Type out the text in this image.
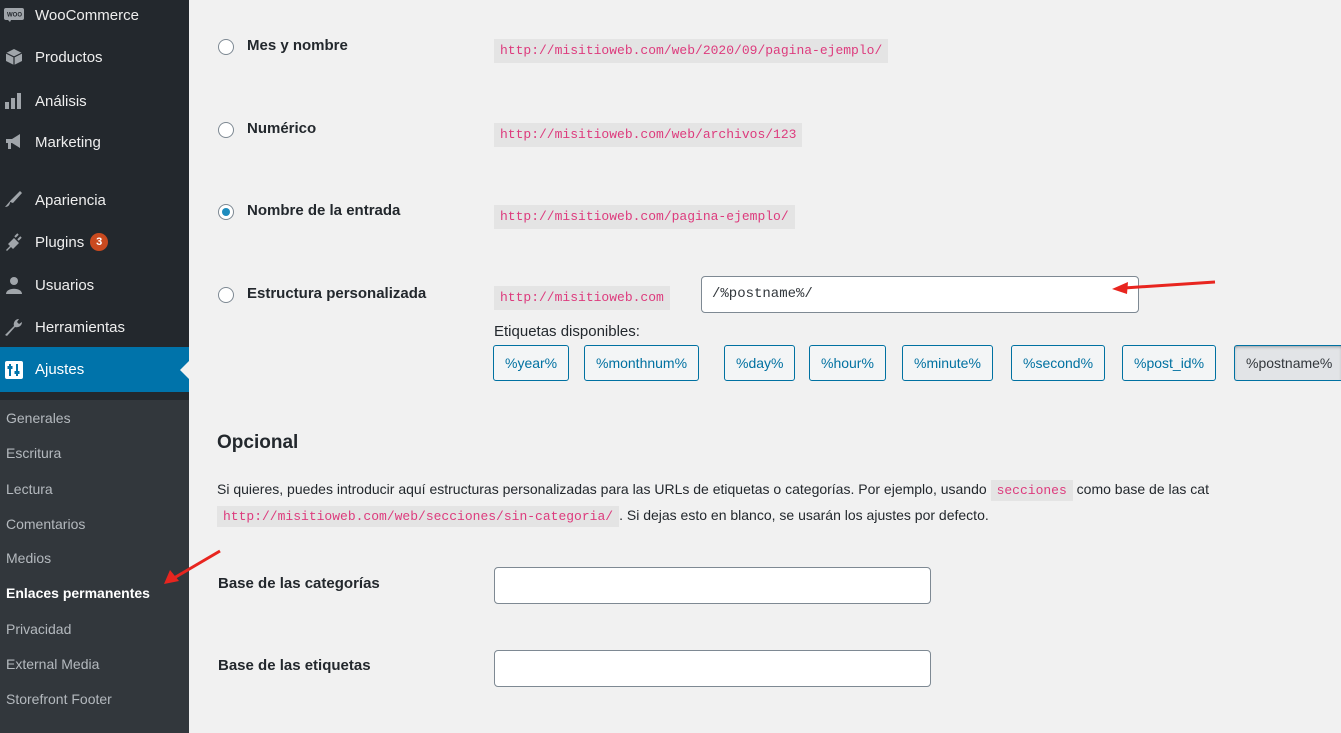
WOO WooCommerce
Productos
Análisis
Marketing
Apariencia
Plugins	3
Usuarios
Herramientas
Ajustes
Generales
Escritura
Lectura
Comentarios
Medios
Enlaces permanentes
Privacidad
External Media
Storefront Footer
Mes y nombre	http://misitioweb.com/web/2020/09/pagina-ejemplo/
Numérico	http://misitioweb.com/web/archivos/123
Nombre de la entrada	http://misitioweb.com/pagina-ejemplo/
Estructura personalizada	http://misitioweb.com	/%postname%/
Etiquetas disponibles:
%year%	%monthnum%	%day%	%hour%	%minute%	%second%	%post_id%	%postname%
Opcional
Si quieres, puedes introducir aquí estructuras personalizadas para las URLs de etiquetas o categorías. Por ejemplo, usando secciones como base de las cat
http://misitioweb.com/web/secciones/sin-categoria/ . Si dejas esto en blanco, se usarán los ajustes por defecto.
Base de las categorías
Base de las etiquetas
